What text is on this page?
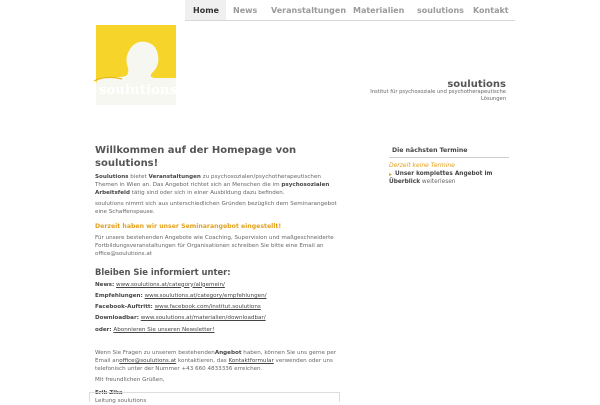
Home News Veranstaltungen Materialien soulutions Kontakt
soulutions	soulutions
Institut für psychosoziale und psychotherapeutische Lösungen
Willkommen auf der Homepage von soulutions!

Soulutions bietet Veranstaltungen zu psychosozialen/psychotherapeutischen Themen in Wien an. Das Angebot richtet sich an Menschen die im psychosozialen Arbeitsfeld tätig sind oder sich in einer Ausbildung dazu befinden.

soulutions nimmt sich aus unterschiedlichen Gründen bezüglich dem Seminarangebot eine Schaffenspause.

Derzeit haben wir unser Seminarangebot eingestellt!

Für unsere bestehenden Angebote wie Coaching, Supervision und maßgeschneiderte Fortbildungsveranstaltungen für Organisationen schreiben Sie bitte eine Email an office@soulutions.at

Bleiben Sie informiert unter:
News: www.soulutions.at/category/allgemein/
Empfehlungen: www.soulutions.at/category/empfehlungen/
Facebook-Auftritt: www.facebook.com/institut.soulutions
Downloadbar: www.soulutions.at/materialien/downloadbar/
oder: Abonnieren Sie unseren Newsletter!

Wenn Sie Fragen zu unserem bestehendenAngebot haben, können Sie uns gerne per Email anoffice@soulutions.at kontaktieren, das Kontaktformular verwenden oder uns telefonisch unter der Nummer +43 660 4833336 erreichen.

Mit freundlichen Grüßen,

Erik Zika
Leitung soulutions
Die nächsten Termine
Derzeit keine Termine
▸ Unser komplettes Angebot im Überblick weiterlesen
